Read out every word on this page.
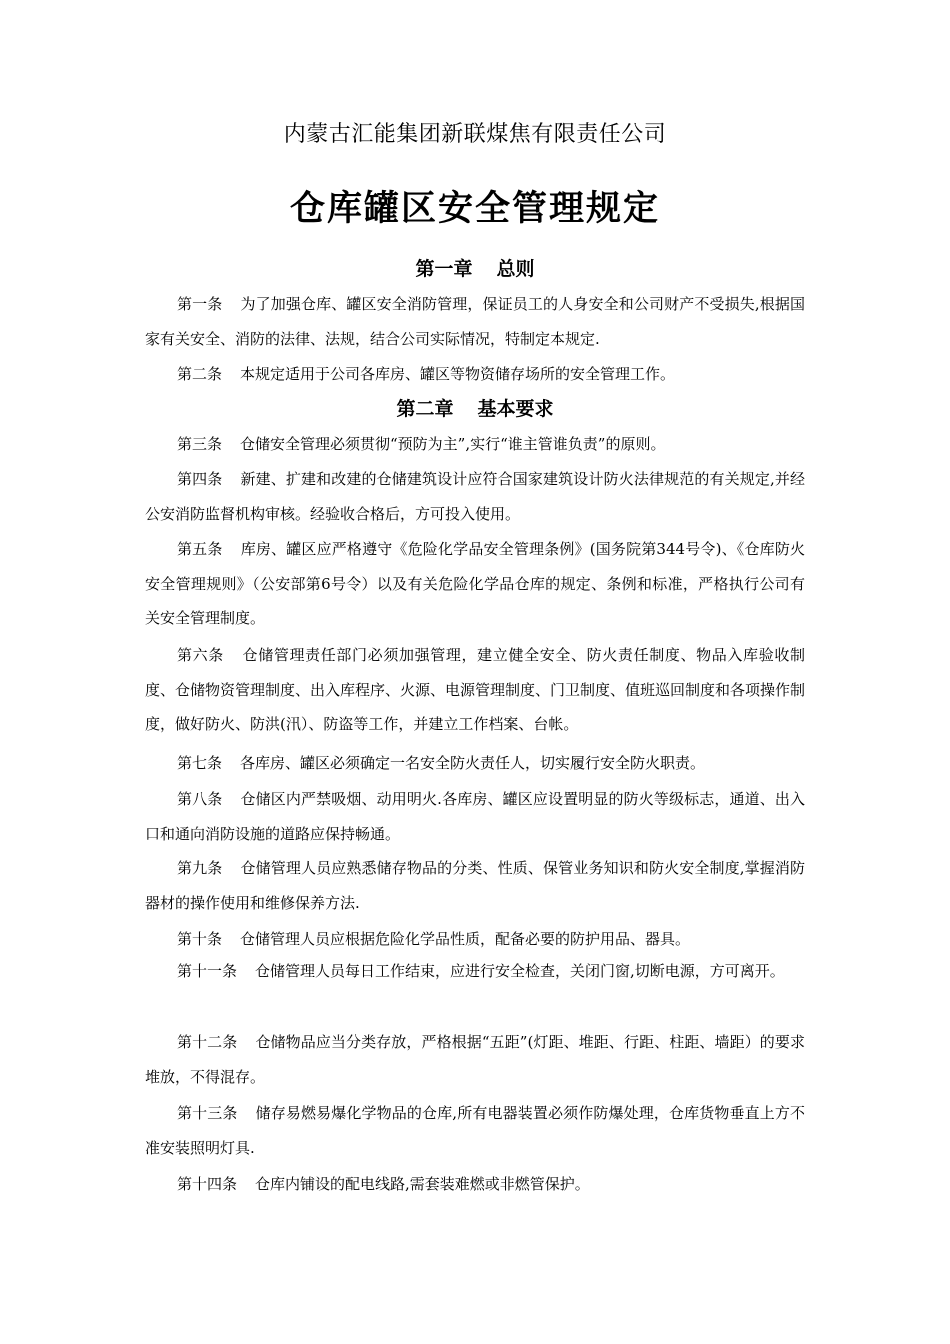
内蒙古汇能集团新联煤焦有限责任公司
仓库罐区安全管理规定
第一章 总则
第一条 为了加强仓库、罐区安全消防管理，保证员工的人身安全和公司财产不受损失,根据国家有关安全、消防的法律、法规，结合公司实际情况，特制定本规定.
第二条 本规定适用于公司各库房、罐区等物资储存场所的安全管理工作。
第二章 基本要求
第三条 仓储安全管理必须贯彻“预防为主”,实行“谁主管谁负责”的原则。
第四条 新建、扩建和改建的仓储建筑设计应符合国家建筑设计防火法律规范的有关规定,并经公安消防监督机构审核。经验收合格后，方可投入使用。
第五条 库房、罐区应严格遵守《危险化学品安全管理条例》(国务院第344号令)、《仓库防火安全管理规则》（公安部第6号令）以及有关危险化学品仓库的规定、条例和标准，严格执行公司有关安全管理制度。
第六条 仓储管理责任部门必须加强管理，建立健全安全、防火责任制度、物品入库验收制度、仓储物资管理制度、出入库程序、火源、电源管理制度、门卫制度、值班巡回制度和各项操作制度，做好防火、防洪(汛）、防盗等工作，并建立工作档案、台帐。
第七条 各库房、罐区必须确定一名安全防火责任人，切实履行安全防火职责。
第八条 仓储区内严禁吸烟、动用明火.各库房、罐区应设置明显的防火等级标志，通道、出入口和通向消防设施的道路应保持畅通。
第九条 仓储管理人员应熟悉储存物品的分类、性质、保管业务知识和防火安全制度,掌握消防器材的操作使用和维修保养方法.
第十条 仓储管理人员应根据危险化学品性质，配备必要的防护用品、器具。
第十一条 仓储管理人员每日工作结束，应进行安全检查，关闭门窗,切断电源，方可离开。
第十二条 仓储物品应当分类存放，严格根据“五距”(灯距、堆距、行距、柱距、墙距）的要求堆放，不得混存。
第十三条 储存易燃易爆化学物品的仓库,所有电器装置必须作防爆处理，仓库货物垂直上方不准安装照明灯具.
第十四条 仓库内铺设的配电线路,需套装难燃或非燃管保护。
